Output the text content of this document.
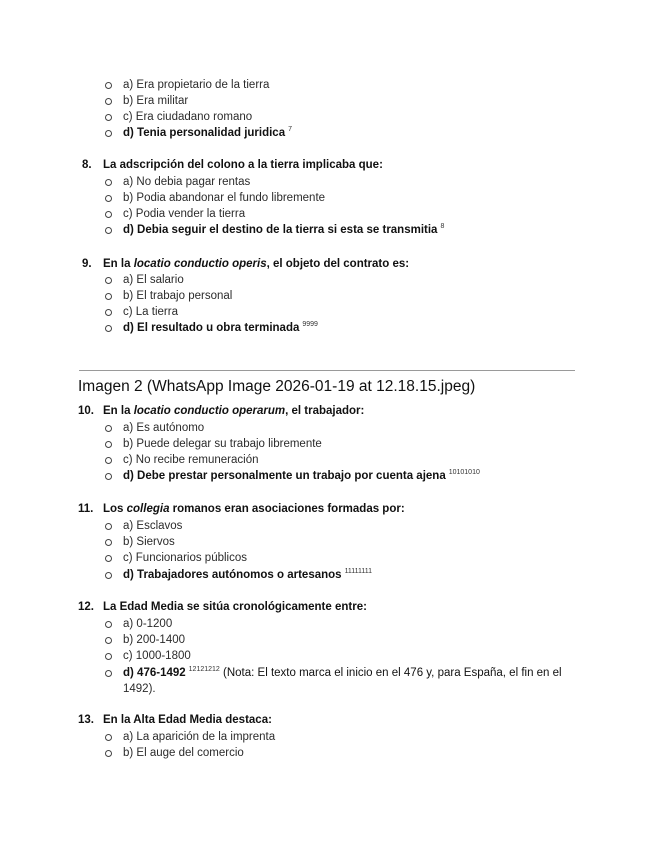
a) Era propietario de la tierra
b) Era militar
c) Era ciudadano romano
d) Tenia personalidad juridica $^7$
8. La adscripción del colono a la tierra implicaba que:
a) No debia pagar rentas
b) Podia abandonar el fundo libremente
c) Podia vender la tierra
d) Debia seguir el destino de la tierra si esta se transmitia $^8$
9. En la locatio conductio operis, el objeto del contrato es:
a) El salario
b) El trabajo personal
c) La tierra
d) El resultado u obra terminada $^{9999}$
Imagen 2 (WhatsApp Image 2026-01-19 at 12.18.15.jpeg)
10. En la locatio conductio operarum, el trabajador:
a) Es autónomo
b) Puede delegar su trabajo libremente
c) No recibe remuneración
d) Debe prestar personalmente un trabajo por cuenta ajena $^{10101010}$
11. Los collegia romanos eran asociaciones formadas por:
a) Esclavos
b) Siervos
c) Funcionarios públicos
d) Trabajadores autónomos o artesanos $^{11111111}$
12. La Edad Media se sitúa cronológicamente entre:
a) 0-1200
b) 200-1400
c) 1000-1800
d) 476-1492 $^{12121212}$ (Nota: El texto marca el inicio en el 476 y, para España, el fin en el
1492).
13. En la Alta Edad Media destaca:
a) La aparición de la imprenta
b) El auge del comercio
